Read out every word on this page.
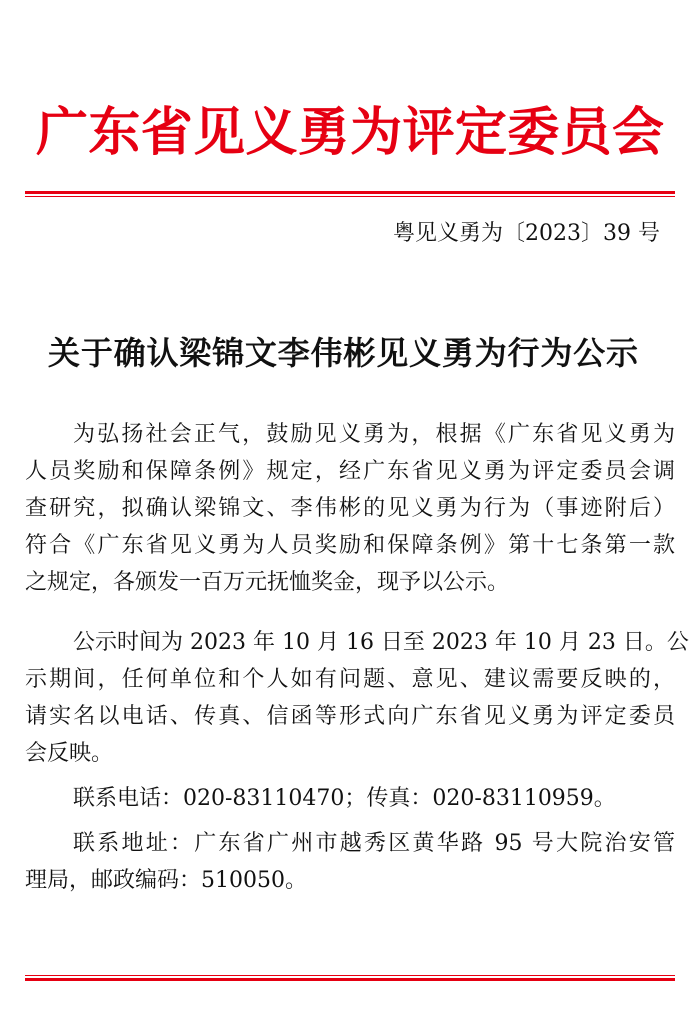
广东省见义勇为评定委员会
粤见义勇为〔2023〕39 号
关于确认梁锦文李伟彬见义勇为行为公示
为弘扬社会正气，鼓励见义勇为，根据《广东省见义勇为
人员奖励和保障条例》规定，经广东省见义勇为评定委员会调
查研究，拟确认梁锦文、李伟彬的见义勇为行为（事迹附后）
符合《广东省见义勇为人员奖励和保障条例》第十七条第一款
之规定，各颁发一百万元抚恤奖金，现予以公示。
公示时间为 2023 年 10 月 16 日至 2023 年 10 月 23 日。公
示期间，任何单位和个人如有问题、意见、建议需要反映的，
请实名以电话、传真、信函等形式向广东省见义勇为评定委员
会反映。
联系电话：020-83110470；传真：020-83110959。
联系地址：广东省广州市越秀区黄华路 95 号大院治安管
理局，邮政编码：510050。
